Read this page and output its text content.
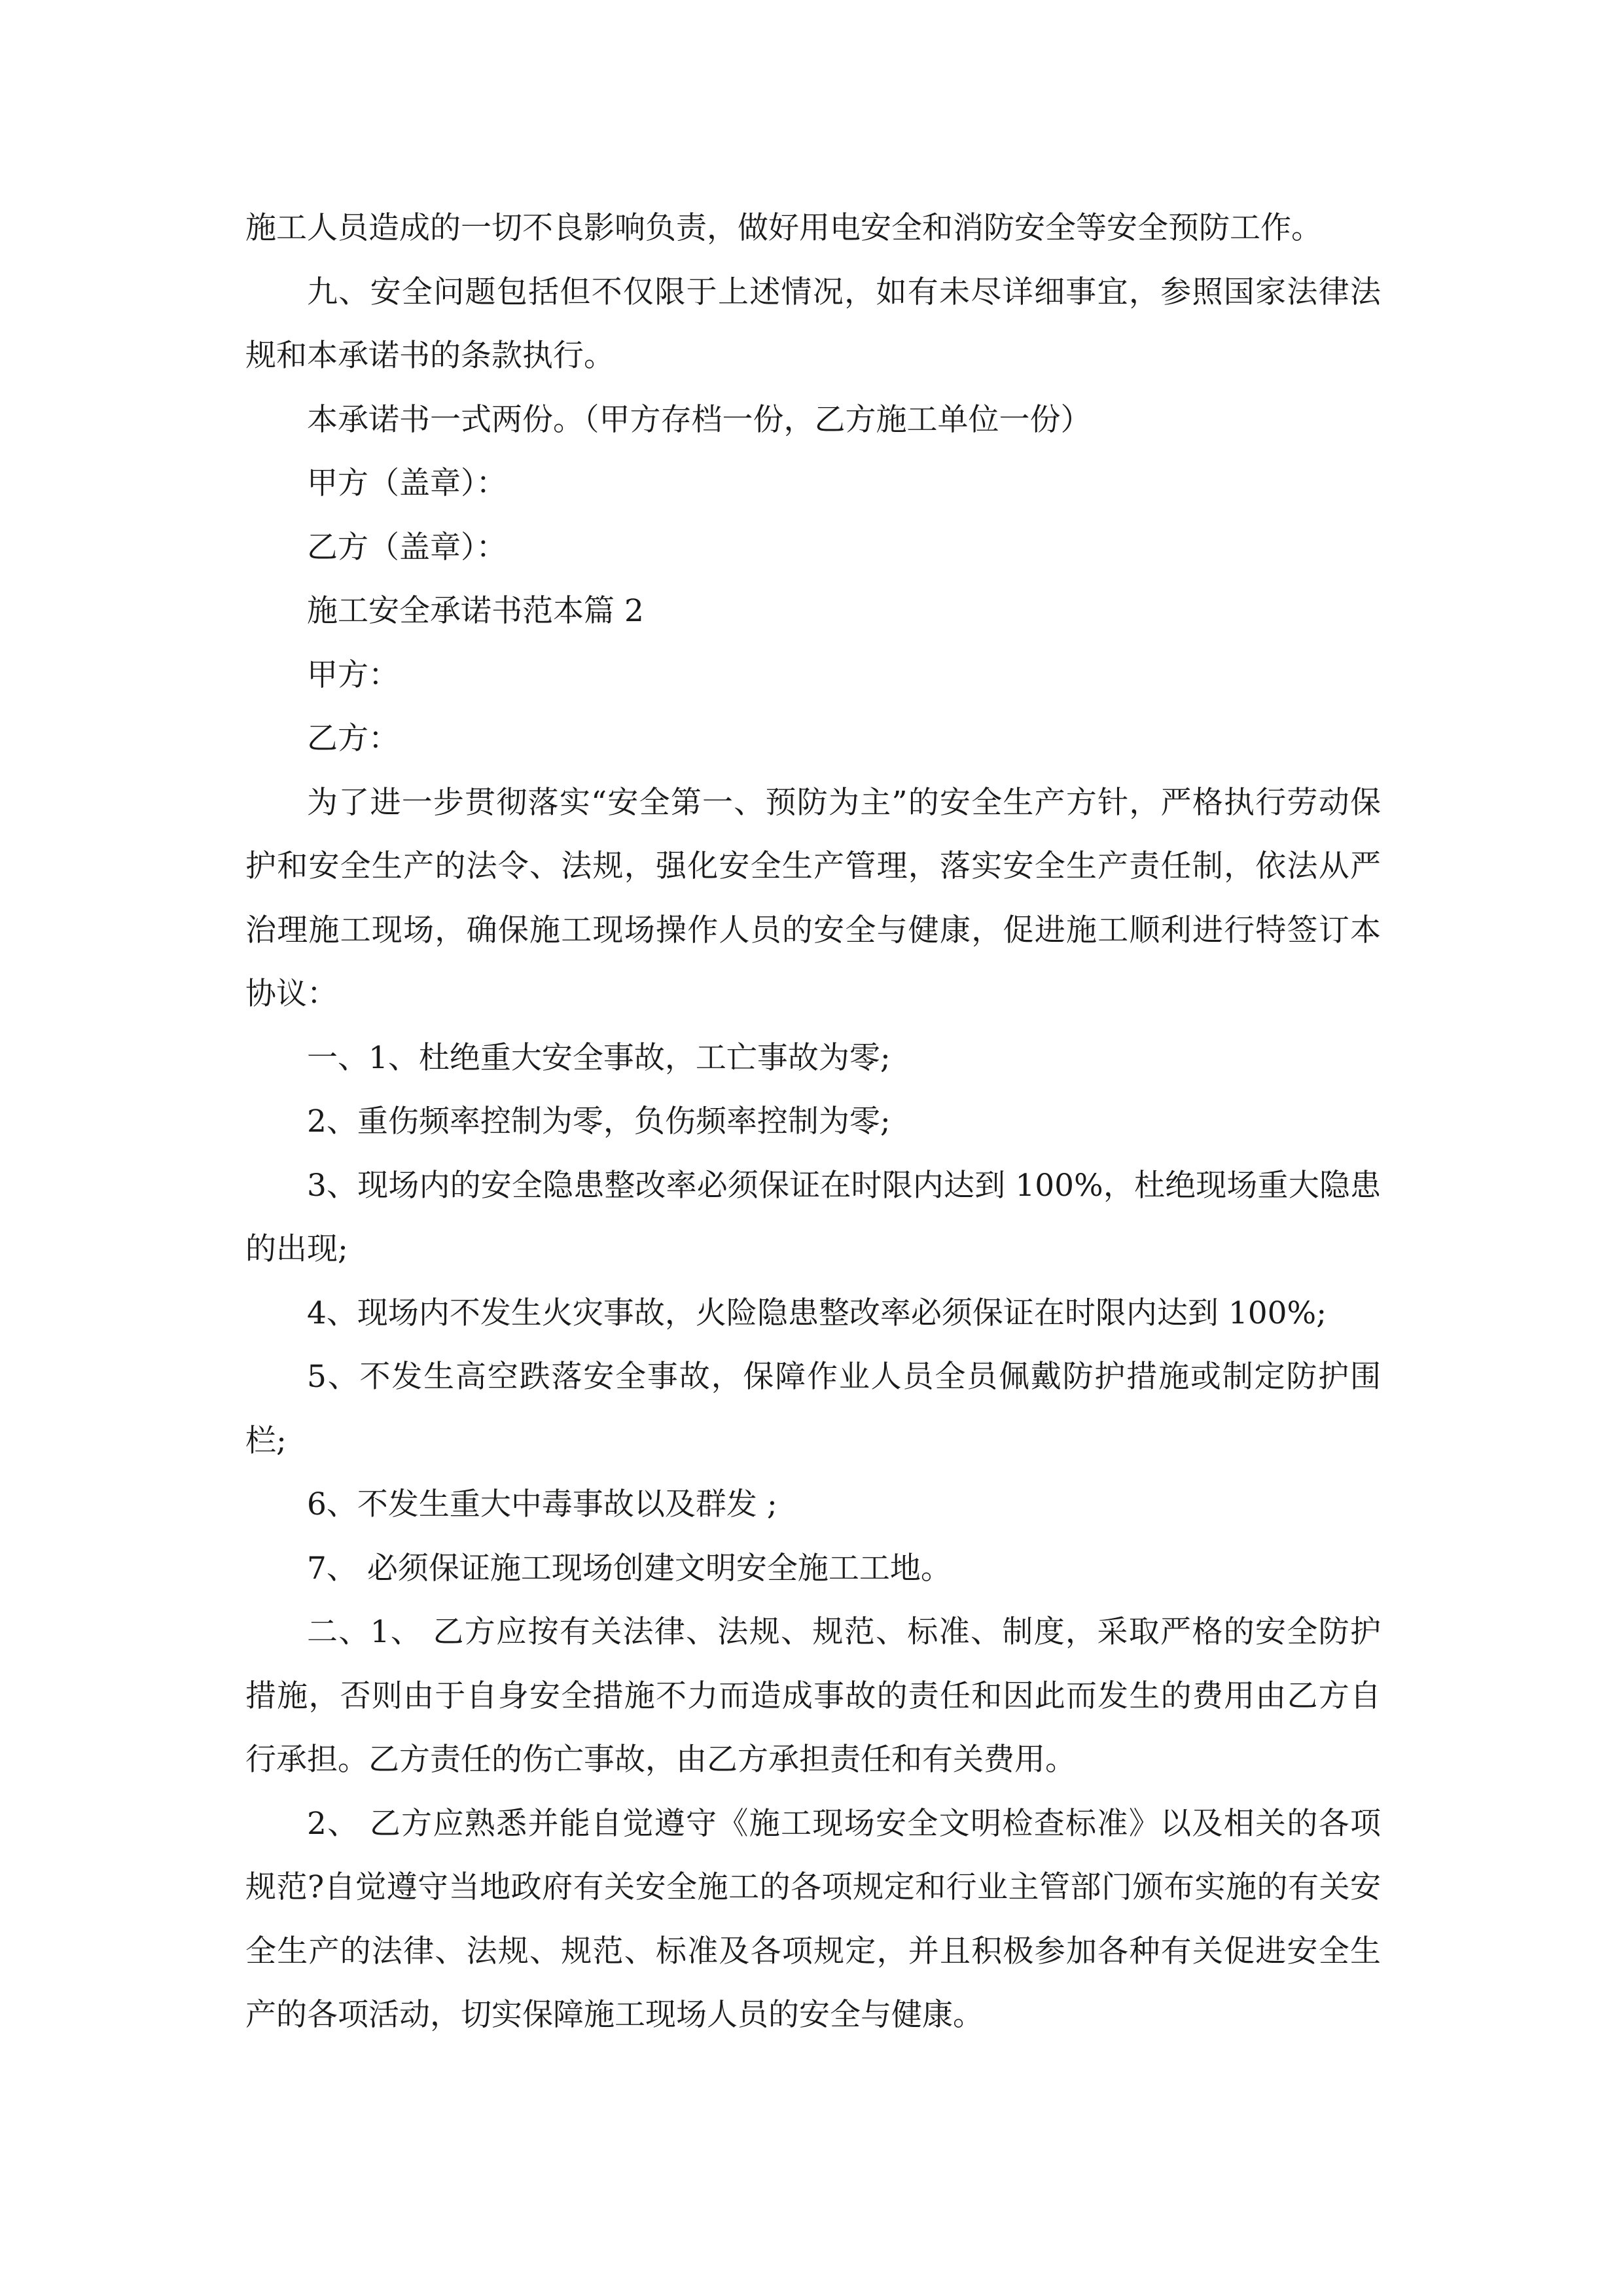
施工人员造成的一切不良影响负责，做好用电安全和消防安全等安全预防工作。

九、安全问题包括但不仅限于上述情况，如有未尽详细事宜，参照国家法律法规和本承诺书的条款执行。

本承诺书一式两份。（甲方存档一份，乙方施工单位一份）

甲方（盖章）：

乙方（盖章）：

施工安全承诺书范本篇 2

甲方：

乙方：

为了进一步贯彻落实“安全第一、预防为主”的安全生产方针，严格执行劳动保护和安全生产的法令、法规，强化安全生产管理，落实安全生产责任制，依法从严治理施工现场，确保施工现场操作人员的安全与健康，促进施工顺利进行特签订本协议：

一、1、杜绝重大安全事故，工亡事故为零;

2、重伤频率控制为零，负伤频率控制为零;

3、现场内的安全隐患整改率必须保证在时限内达到 100%，杜绝现场重大隐患的出现;

4、现场内不发生火灾事故，火险隐患整改率必须保证在时限内达到 100%;

5、不发生高空跌落安全事故，保障作业人员全员佩戴防护措施或制定防护围栏;

6、不发生重大中毒事故以及群发 ;

7、 必须保证施工现场创建文明安全施工工地。

二、1、 乙方应按有关法律、法规、规范、标准、制度，采取严格的安全防护措施，否则由于自身安全措施不力而造成事故的责任和因此而发生的费用由乙方自行承担。乙方责任的伤亡事故，由乙方承担责任和有关费用。

2、 乙方应熟悉并能自觉遵守《施工现场安全文明检查标准》以及相关的各项规范?自觉遵守当地政府有关安全施工的各项规定和行业主管部门颁布实施的有关安全生产的法律、法规、规范、标准及各项规定，并且积极参加各种有关促进安全生产的各项活动，切实保障施工现场人员的安全与健康。
